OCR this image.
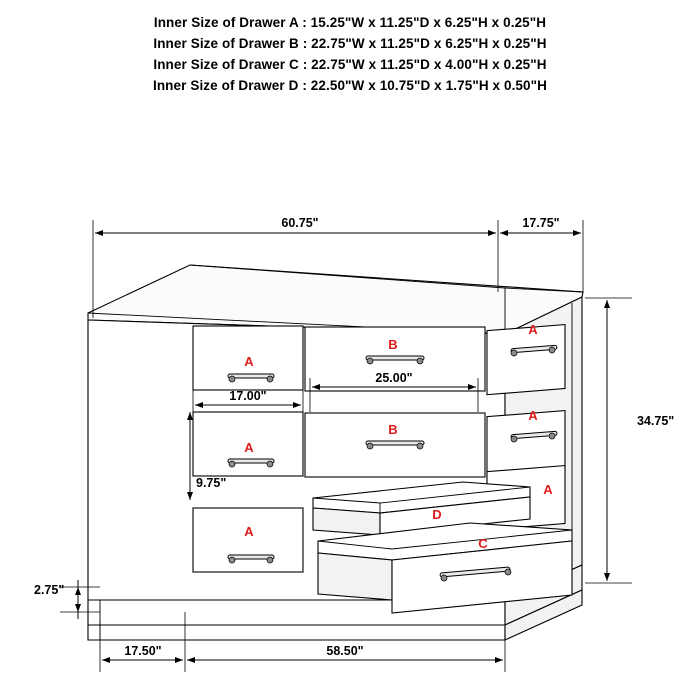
Inner Size of Drawer A : 15.25"W x 11.25"D x 6.25"H x 0.25"H
Inner Size of Drawer B : 22.75"W x 11.25"D x 6.25"H x 0.25"H
Inner Size of Drawer C : 22.75"W x 11.25"D x 4.00"H x 0.25"H
Inner Size of Drawer D : 22.50"W x 10.75"D x 1.75"H x 0.50"H
A
B
A
A
B
A
A
A
D
C
60.75"	17.75"
34.75"
17.00"
25.00"
9.75"
2.75"
17.50"	58.50"
